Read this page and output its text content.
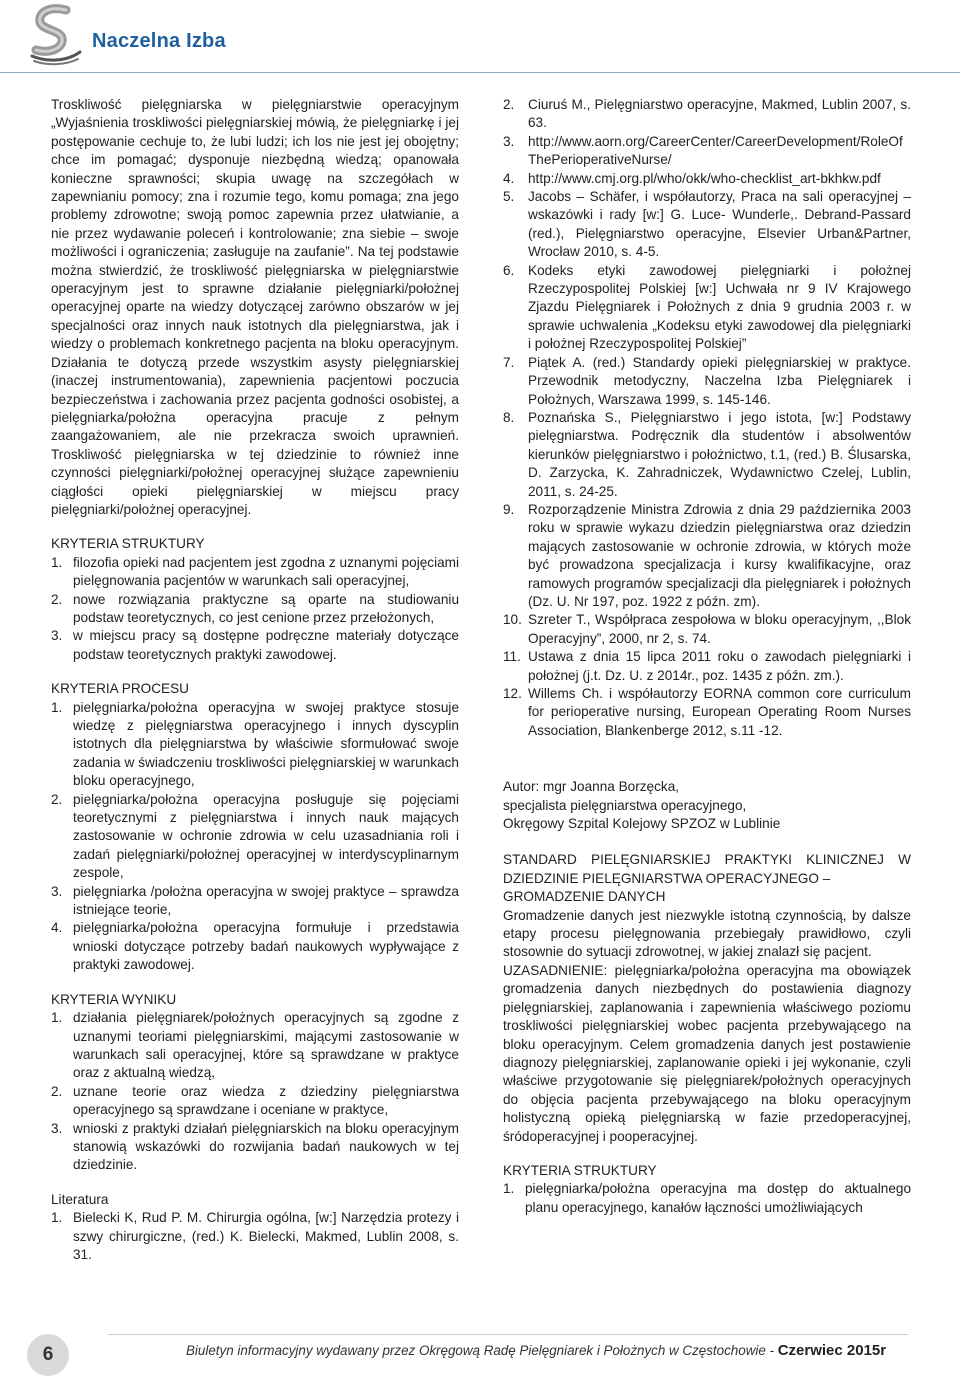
Naczelna Izba

Troskliwość pielęgniarska w pielęgniarstwie operacyjnym „Wyjaśnienia troskliwości pielęgniarskiej mówią, że pielęgniarkę i jej postępowanie cechuje to, że lubi ludzi; ich los nie jest jej obojętny; chce im pomagać; dysponuje niezbędną wiedzą; opanowała konieczne sprawności; skupia uwagę na szczegółach w zapewnianiu pomocy; zna i rozumie tego, komu pomaga; zna jego problemy zdrowotne; swoją pomoc zapewnia przez ułatwianie, a nie przez wydawanie poleceń i kontrolowanie; zna siebie – swoje możliwości i ograniczenia; zasługuje na zaufanie”. Na tej podstawie można stwierdzić, że troskliwość pielęgniarska w pielęgniarstwie operacyjnym jest to sprawne działanie pielęgniarki/położnej operacyjnej oparte na wiedzy dotyczącej zarówno obszarów w jej specjalności oraz innych nauk istotnych dla pielęgniarstwa, jak i wiedzy o problemach konkretnego pacjenta na bloku operacyjnym. Działania te dotyczą przede wszystkim asysty pielęgniarskiej (inaczej instrumentowania), zapewnienia pacjentowi poczucia bezpieczeństwa i zachowania przez pacjenta godności osobistej, a pielęgniarka/położna operacyjna pracuje z pełnym zaangażowaniem, ale nie przekracza swoich uprawnień. Troskliwość pielęgniarska w tej dziedzinie to również inne czynności pielęgniarki/położnej operacyjnej służące zapewnieniu ciągłości opieki pielęgniarskiej w miejscu pracy pielęgniarki/położnej operacyjnej.

KRYTERIA STRUKTURY
1. filozofia opieki nad pacjentem jest zgodna z uznanymi pojęciami pielęgnowania pacjentów w warunkach sali operacyjnej,
2. nowe rozwiązania praktyczne są oparte na studiowaniu podstaw teoretycznych, co jest cenione przez przełożonych,
3. w miejscu pracy są dostępne podręczne materiały dotyczące podstaw teoretycznych praktyki zawodowej.
KRYTERIA PROCESU
1. pielęgniarka/położna operacyjna w swojej praktyce stosuje wiedzę z pielęgniarstwa operacyjnego i innych dyscyplin istotnych dla pielęgniarstwa by właściwie sformułować swoje zadania w świadczeniu troskliwości pielęgniarskiej w warunkach bloku operacyjnego,
2. pielęgniarka/położna operacyjna posługuje się pojęciami teoretycznymi z pielęgniarstwa i innych nauk mających zastosowanie w ochronie zdrowia w celu uzasadniania roli i zadań pielęgniarki/położnej operacyjnej w interdyscyplinarnym zespole,
3. pielęgniarka /położna operacyjna w swojej praktyce – sprawdza istniejące teorie,
4. pielęgniarka/położna operacyjna formułuje i przedstawia wnioski dotyczące potrzeby badań naukowych wypływające z praktyki zawodowej.
KRYTERIA WYNIKU
1. działania pielęgniarek/położnych operacyjnych są zgodne z uznanymi teoriami pielęgniarskimi, mającymi zastosowanie w warunkach sali operacyjnej, które są sprawdzane w praktyce oraz z aktualną wiedzą,
2. uznane teorie oraz wiedza z dziedziny pielęgniarstwa operacyjnego są sprawdzane i oceniane w praktyce,
3. wnioski z praktyki działań pielęgniarskich na bloku operacyjnym stanowią wskazówki do rozwijania badań naukowych w tej dziedzinie.
Literatura
1. Bielecki K, Rud P. M. Chirurgia ogólna, [w:] Narzędzia protezy i szwy chirurgiczne, (red.) K. Bielecki, Makmed, Lublin 2008, s. 31.
2.	Ciuruś M., Pielęgniarstwo operacyjne, Makmed, Lublin 2007, s. 63.
3.	http://www.aorn.org/CareerCenter/CareerDevelopment/RoleOfThePerioperativeNurse/
4.	http://www.cmj.org.pl/who/okk/who-checklist_art-bkhkw.pdf
5.	Jacobs – Schäfer, i współautorzy, Praca na sali operacyjnej – wskazówki i rady [w:] G. Luce- Wunderle,. Debrand-Passard (red.), Pielęgniarstwo operacyjne, Elsevier Urban&Partner, Wrocław 2010, s. 4-5.
6.	Kodeks etyki zawodowej pielęgniarki i położnej Rzeczypospolitej Polskiej [w:] Uchwała nr 9 IV Krajowego Zjazdu Pielęgniarek i Położnych z dnia 9 grudnia 2003 r. w sprawie uchwalenia „Kodeksu etyki zawodowej dla pielęgniarki i położnej Rzeczypospolitej Polskiej”
7.	Piątek A. (red.) Standardy opieki pielęgniarskiej w praktyce. Przewodnik metodyczny, Naczelna Izba Pielęgniarek i Położnych, Warszawa 1999, s. 145-146.
8.	Poznańska S., Pielęgniarstwo i jego istota, [w:] Podstawy pielęgniarstwa. Podręcznik dla studentów i absolwentów kierunków pielęgniarstwo i położnictwo, t.1, (red.) B. Ślusarska, D. Zarzycka, K. Zahradniczek, Wydawnictwo Czelej, Lublin, 2011, s. 24-25.
9.	Rozporządzenie Ministra Zdrowia z dnia 29 października 2003 roku w sprawie wykazu dziedzin pielęgniarstwa oraz dziedzin mających zastosowanie w ochronie zdrowia, w których może być prowadzona specjalizacja i kursy kwalifikacyjne, oraz ramowych programów specjalizacji dla pielęgniarek i położnych (Dz. U. Nr 197, poz. 1922 z późn. zm).
10. Szreter T., Współpraca zespołowa w bloku operacyjnym, ,,Blok Operacyjny”, 2000, nr 2, s. 74.
11. Ustawa z dnia 15 lipca 2011 roku o zawodach pielęgniarki i położnej (j.t. Dz. U. z 2014r., poz. 1435 z późn. zm.).
12. Willems Ch. i współautorzy EORNA common core curriculum for perioperative nursing, European Operating Room Nurses Association, Blankenberge 2012, s.11 -12.
Autor: mgr Joanna Borzęcka,
specjalista pielęgniarstwa operacyjnego,
Okręgowy Szpital Kolejowy SPZOZ w Lublinie
STANDARD PIELĘGNIARSKIEJ PRAKTYKI KLINICZNEJ W DZIEDZINIE PIELĘGNIARSTWA OPERACYJNEGO –
GROMADZENIE DANYCH

Gromadzenie danych jest niezwykle istotną czynnością, by dalsze etapy procesu pielęgnowania przebiegały prawidłowo, czyli stosownie do sytuacji zdrowotnej, w jakiej znalazł się pacjent.

UZASADNIENIE: pielęgniarka/położna operacyjna ma obowiązek gromadzenia danych niezbędnych do postawienia diagnozy pielęgniarskiej, zaplanowania i zapewnienia właściwego poziomu troskliwości pielęgniarskiej wobec pacjenta przebywającego na bloku operacyjnym. Celem gromadzenia danych jest postawienie diagnozy pielęgniarskiej, zaplanowanie opieki i jej wykonanie, czyli właściwe przygotowanie się pielęgniarek/położnych operacyjnych do objęcia pacjenta przebywającego na bloku operacyjnym holistyczną opieką pielęgniarską w fazie przedoperacyjnej, śródoperacyjnej i pooperacyjnej.

KRYTERIA STRUKTURY
1. pielęgniarka/położna operacyjna ma dostęp do aktualnego planu operacyjnego, kanałów łączności umożliwiających
6	Biuletyn informacyjny wydawany przez Okręgową Radę Pielęgniarek i Położnych w Częstochowie - Czerwiec 2015r
